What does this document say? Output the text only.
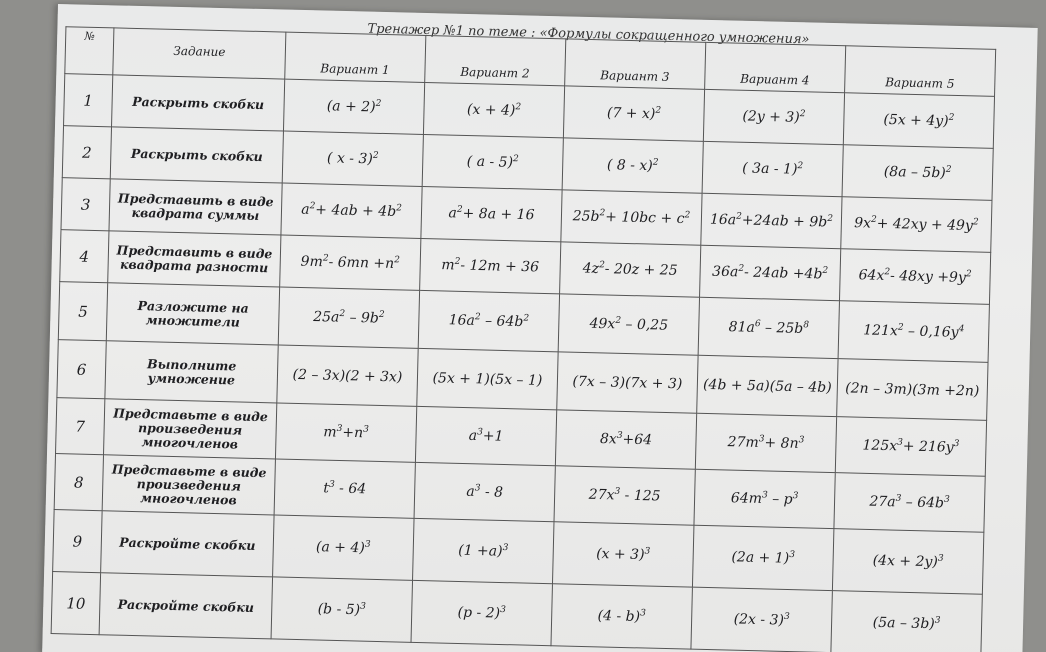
Тренажер №1 по теме : «Формулы сокращенного умножения»
№	Задание	Вариант 1	Вариант 2	Вариант 3	Вариант 4	Вариант 5
1	Раскрыть скобки	$(a + 2)^2$	$(x + 4)^2$	$(7 + x)^2$	$(2y + 3)^2$	$(5x + 4y)^2$
2	Раскрыть скобки	( x - 3)$^2$	( a - 5)$^2$	( 8 - x)$^2$	( 3a - 1)$^2$	(8a – 5b)$^2$
3	Представить в виде квадрата суммы	$a^2+ 4ab + 4b^2$	$a^2+ 8a + 16$	$25b^2+ 10bc + c^2$	$16a^2+24ab + 9b^2$	$9x^2+ 42xy + 49y^2$
4	Представить в виде квадрата разности	$9m^2-$ $6mn +n^2$	$m^2-$ 12m + 36	$4z^2-$ 20z + 25	$36a^2-$ $24ab +4b^2$	$64x^2-$ $48xy +9y^2$
5	Разложите на множители	$25a^2 - 9b^2$	$16a^2 - 64b^2$	$49x^2 - 0,25$	$81a^6 - 25b^8$	$121x^2 - 0,16y^4$
6	Выполните умножение	(2 – 3x)(2 + 3x)	(5x + 1)(5x – 1)	(7x – 3)(7x + 3)	(4b + 5a)(5a – 4b)	(2n – 3m)(3m +2n)
7	Представьте в виде произведения многочленов	$m^3+n^3$	$a^3+1$	$8x^3+64$	$27m^3+ 8n^3$	$125x^3+ 216y^3$
8	Представьте в виде произведения многочленов	$t^3 - 64$	$a^3 - 8$	$27x^3 - 125$	$64m^3 - p^3$	$27a^3 - 64b^3$
9	Раскройте скобки	$(a + 4)^3$	$(1 +a)^3$	$(x + 3)^3$	$(2a + 1)^3$	$(4x + 2y)^3$
10	Раскройте скобки	(b - 5)$^3$	(p - 2)$^3$	(4 - b)$^3$	(2x - 3)$^3$	(5a – 3b)$^3$
